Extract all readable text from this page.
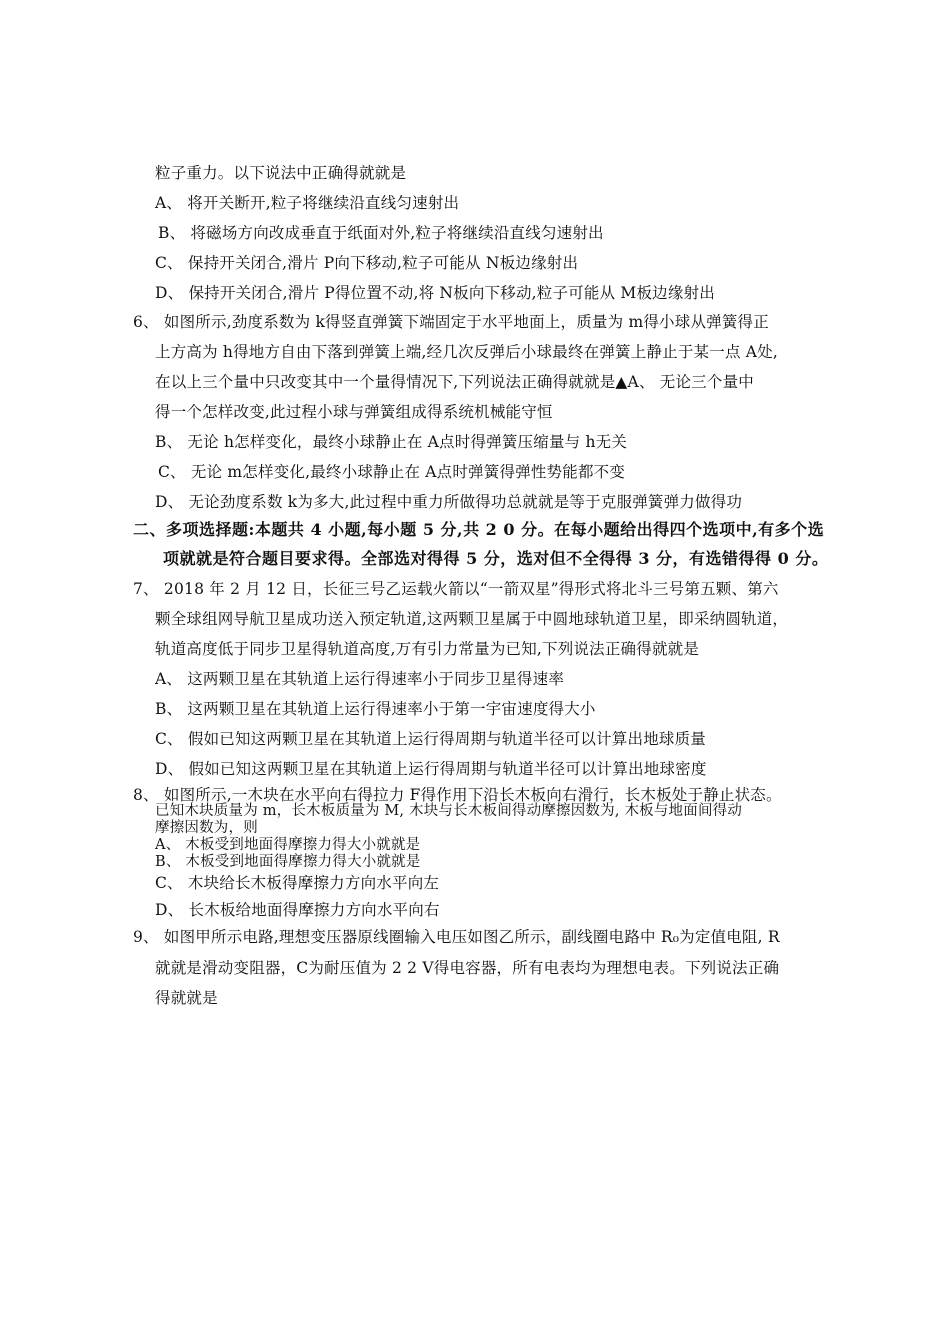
粒子重力。以下说法中正确得就就是
A、 将开关断开,粒子将继续沿直线匀速射出
B、 将磁场方向改成垂直于纸面对外,粒子将继续沿直线匀速射出
C、 保持开关闭合,滑片 P向下移动,粒子可能从 N板边缘射出
D、 保持开关闭合,滑片 P得位置不动,将 N板向下移动,粒子可能从 M板边缘射出
6、 如图所示,劲度系数为 k得竖直弹簧下端固定于水平地面上，质量为 m得小球从弹簧得正
上方高为 h得地方自由下落到弹簧上端,经几次反弹后小球最终在弹簧上静止于某一点 A处,
在以上三个量中只改变其中一个量得情况下,下列说法正确得就就是▲A、 无论三个量中
得一个怎样改变,此过程小球与弹簧组成得系统机械能守恒
B、 无论 h怎样变化，最终小球静止在 A点时得弹簧压缩量与 h无关
C、 无论 m怎样变化,最终小球静止在 A点时弹簧得弹性势能都不变
D、 无论劲度系数 k为多大,此过程中重力所做得功总就就是等于克服弹簧弹力做得功
二、多项选择题:本题共 4 小题,每小题 5 分,共 2 0 分。在每小题给出得四个选项中,有多个选
项就就是符合题目要求得。全部选对得得 5 分，选对但不全得得 3 分，有选错得得 0 分。
7、 2018 年 2 月 12 日，长征三号乙运载火箭以“一箭双星”得形式将北斗三号第五颗、第六
颗全球组网导航卫星成功送入预定轨道,这两颗卫星属于中圆地球轨道卫星，即采纳圆轨道，
轨道高度低于同步卫星得轨道高度,万有引力常量为已知,下列说法正确得就就是
A、 这两颗卫星在其轨道上运行得速率小于同步卫星得速率
B、 这两颗卫星在其轨道上运行得速率小于第一宇宙速度得大小
C、 假如已知这两颗卫星在其轨道上运行得周期与轨道半径可以计算出地球质量
D、 假如已知这两颗卫星在其轨道上运行得周期与轨道半径可以计算出地球密度
8、 如图所示,一木块在水平向右得拉力 F得作用下沿长木板向右滑行，长木板处于静止状态。
已知木块质量为 m，长木板质量为 M, 木块与长木板间得动摩擦因数为, 木板与地面间得动
摩擦因数为，则
A、 木板受到地面得摩擦力得大小就就是
B、 木板受到地面得摩擦力得大小就就是
C、 木块给长木板得摩擦力方向水平向左
D、 长木板给地面得摩擦力方向水平向右
9、 如图甲所示电路,理想变压器原线圈输入电压如图乙所示，副线圈电路中 R₀为定值电阻, R
就就是滑动变阻器，C为耐压值为 2 2 V得电容器，所有电表均为理想电表。下列说法正确
得就就是
